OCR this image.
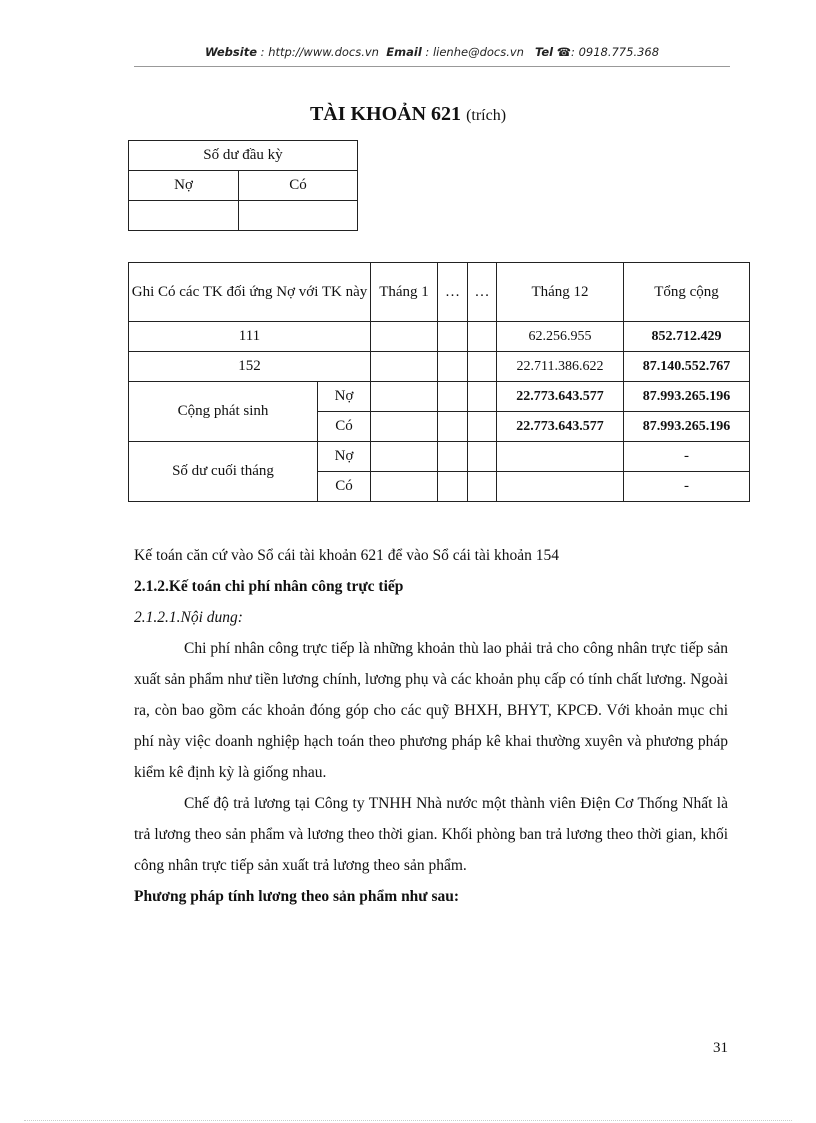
Website : http://www.docs.vn Email : lienhe@docs.vn Tel ☎: 0918.775.368
TÀI KHOẢN 621 (trích)
Số dư đầu kỳ	
Nợ	Có

Ghi Có các TK đối ứng Nợ với TK này		Tháng 1	…	…	Tháng 12	Tổng cộng
111					62.256.955	852.712.429
152					22.711.386.622	87.140.552.767
Cộng phát sinh	Nợ				22.773.643.577	87.993.265.196
	Có				22.773.643.577	87.993.265.196
Số dư cuối tháng	Nợ					-
	Có					-

Kế toán căn cứ vào Sổ cái tài khoản 621 để vào Sổ cái tài khoản 154

2.1.2.Kế toán chi phí nhân công trực tiếp

2.1.2.1.Nội dung:

Chi phí nhân công trực tiếp là những khoản thù lao phải trả cho công nhân trực tiếp sản xuất sản phẩm như tiền lương chính, lương phụ và các khoản phụ cấp có tính chất lương. Ngoài ra, còn bao gồm các khoản đóng góp cho các quỹ BHXH, BHYT, KPCĐ. Với khoản mục chi phí này việc doanh nghiệp hạch toán theo phương pháp kê khai thường xuyên và phương pháp kiểm kê định kỳ là giống nhau.

Chế độ trả lương tại Công ty TNHH Nhà nước một thành viên Điện Cơ Thống Nhất là trả lương theo sản phẩm và lương theo thời gian. Khối phòng ban trả lương theo thời gian, khối công nhân trực tiếp sản xuất trả lương theo sản phẩm.

Phương pháp tính lương theo sản phẩm như sau:

31
